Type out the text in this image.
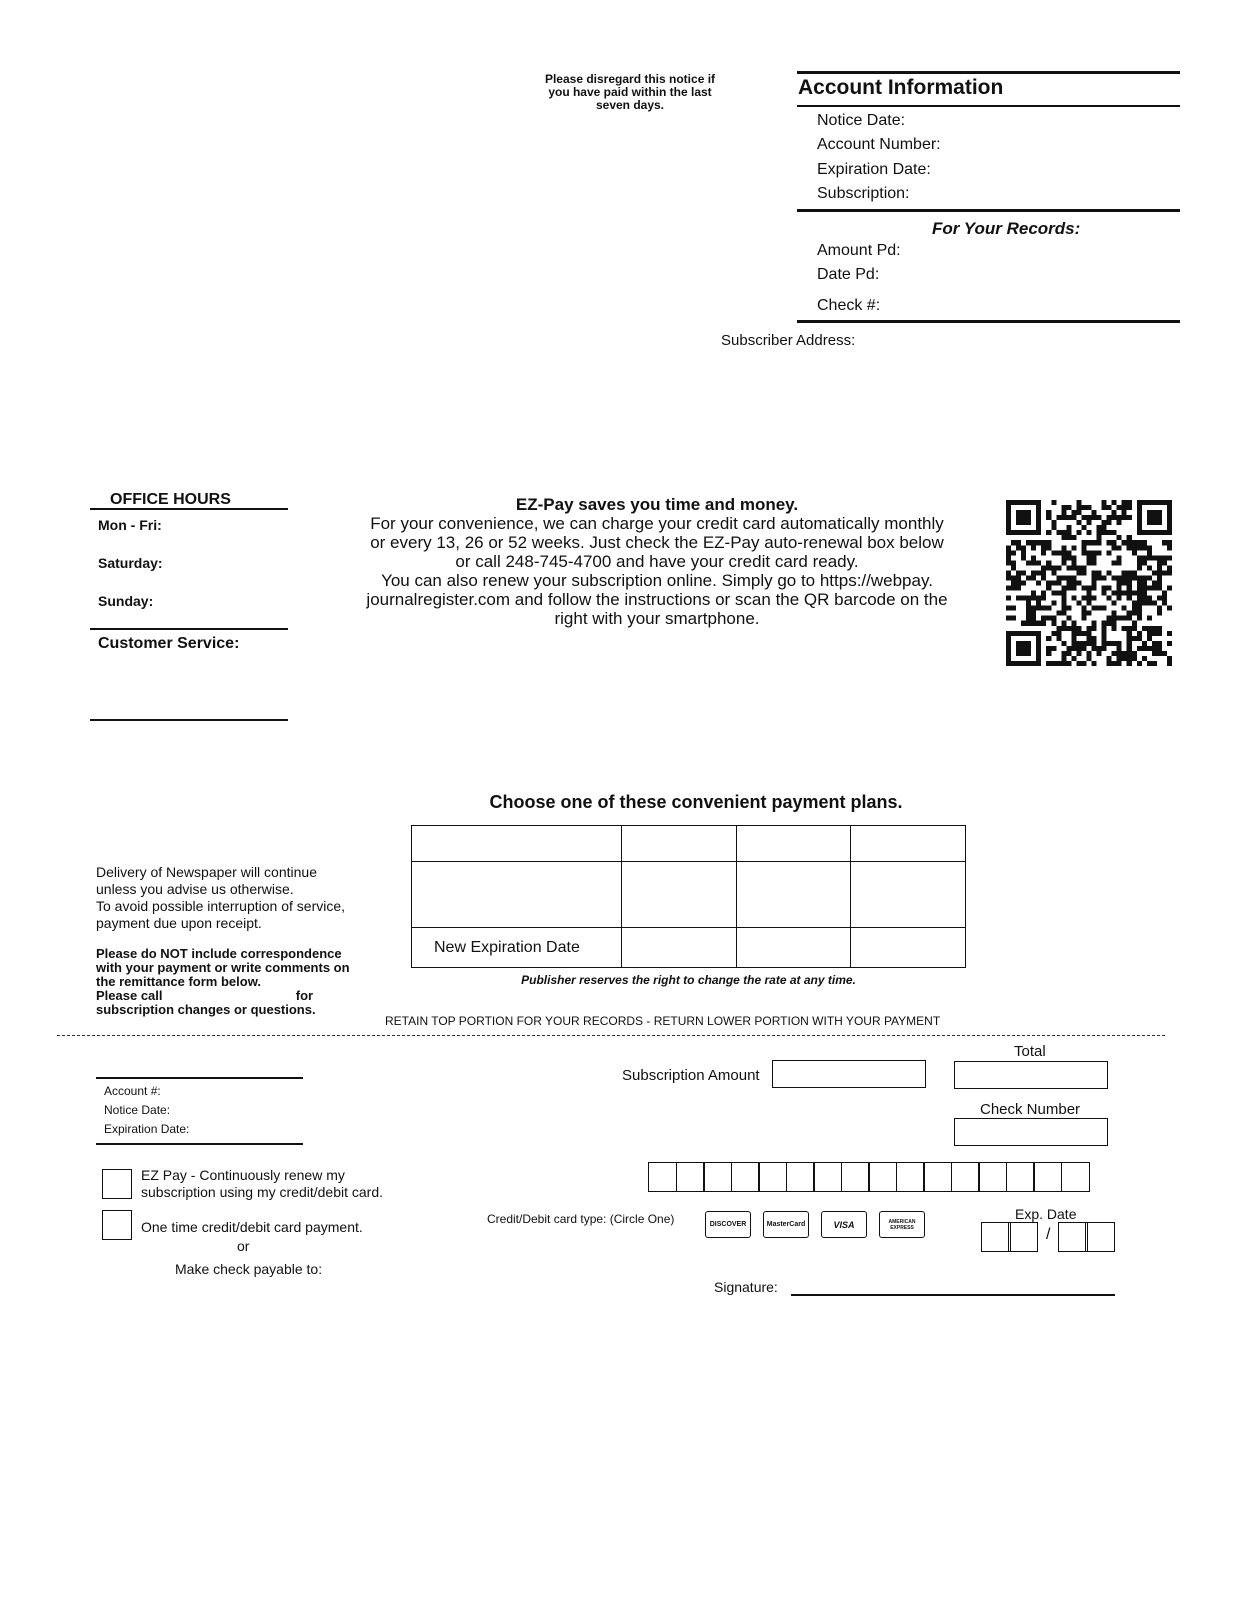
Please disregard this notice if
you have paid within the last
seven days.
Account Information
Notice Date:
Account Number:
Expiration Date:
Subscription:
For Your Records:
Amount Pd:
Date Pd:
Check #:
Subscriber Address:
OFFICE HOURS
Mon - Fri:
Saturday:
Sunday:
Customer Service:
EZ-Pay saves you time and money.
For your convenience, we can charge your credit card automatically monthly
or every 13, 26 or 52 weeks. Just check the EZ-Pay auto-renewal box below
or call 248-745-4700 and have your credit card ready.
You can also renew your subscription online. Simply go to https://webpay.
journalregister.com and follow the instructions or scan the QR barcode on the
right with your smartphone.
Choose one of these convenient payment plans.

New Expiration Date			
Publisher reserves the right to change the rate at any time.
Delivery of Newspaper will continue
unless you advise us otherwise.
To avoid possible interruption of service,
payment due upon receipt.
Please do NOT include correspondence
with your payment or write comments on
the remittance form below.
Please call	for
subscription changes or questions.
RETAIN TOP PORTION FOR YOUR RECORDS - RETURN LOWER PORTION WITH YOUR PAYMENT
Account #:
Notice Date:
Expiration Date:
Subscription Amount
Total
Check Number
EZ Pay - Continuously renew my
subscription using my credit/debit card.
One time credit/debit card payment.
or
Make check payable to:
Credit/Debit card type: (Circle One)	DISCOVER	MasterCard	VISA	AMERICAN EXPRESS
Exp. Date
/
Signature:
